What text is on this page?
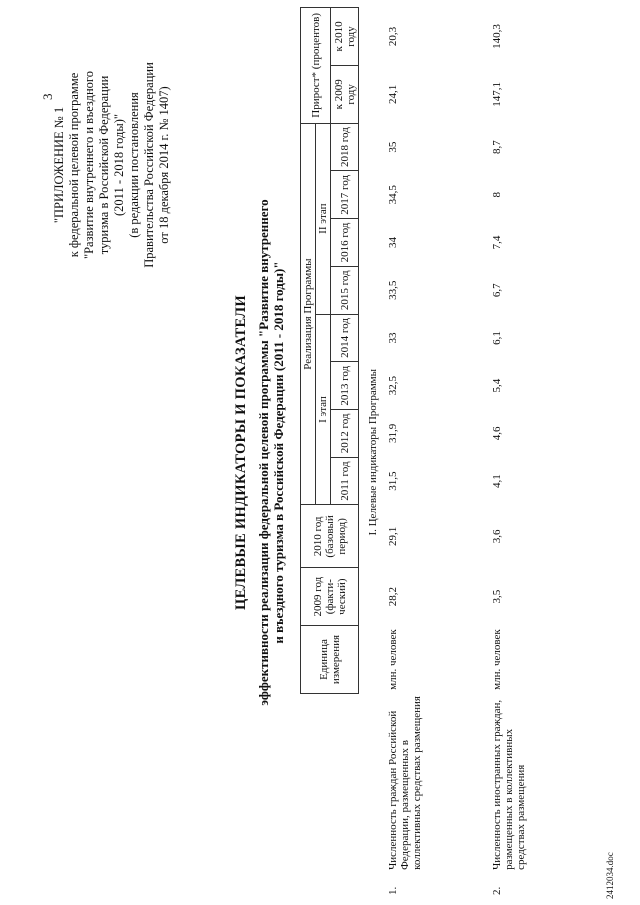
3
"ПРИЛОЖЕНИЕ № 1 к федеральной целевой программе "Развитие внутреннего и въездного туризма в Российской Федерации (2011 - 2018 годы)" (в редакции постановления Правительства Российской Федерации от 18 декабря 2014 г. № 1407)
ЦЕЛЕВЫЕ ИНДИКАТОРЫ И ПОКАЗАТЕЛИ эффективности реализации федеральной целевой программы "Развитие внутреннего и въездного туризма в Российской Федерации (2011 - 2018 годы)"
		Единица измерения	2009 год (факти-ческий)	2010 год (базовый период)	Реализация Программы								Прирост* (процентов)	
					I этап				II этап					
					2011 год	2012 год	2013 год	2014 год	2015 год	2016 год	2017 год	2018 год	к 2009 году	к 2010 году
I. Целевые индикаторы Программы														
1.	Численность граждан Российской Федерации, размещенных в коллективных средствах размещения	млн. человек	28,2	29,1	31,5	31,9	32,5	33	33,5	34	34,5	35	24,1	20,3
2.	Численность иностранных граждан, размещенных в коллективных средствах размещения	млн. человек	3,5	3,6	4,1	4,6	5,4	6,1	6,7	7,4	8	8,7	147,1	140,3
2412034.doc
